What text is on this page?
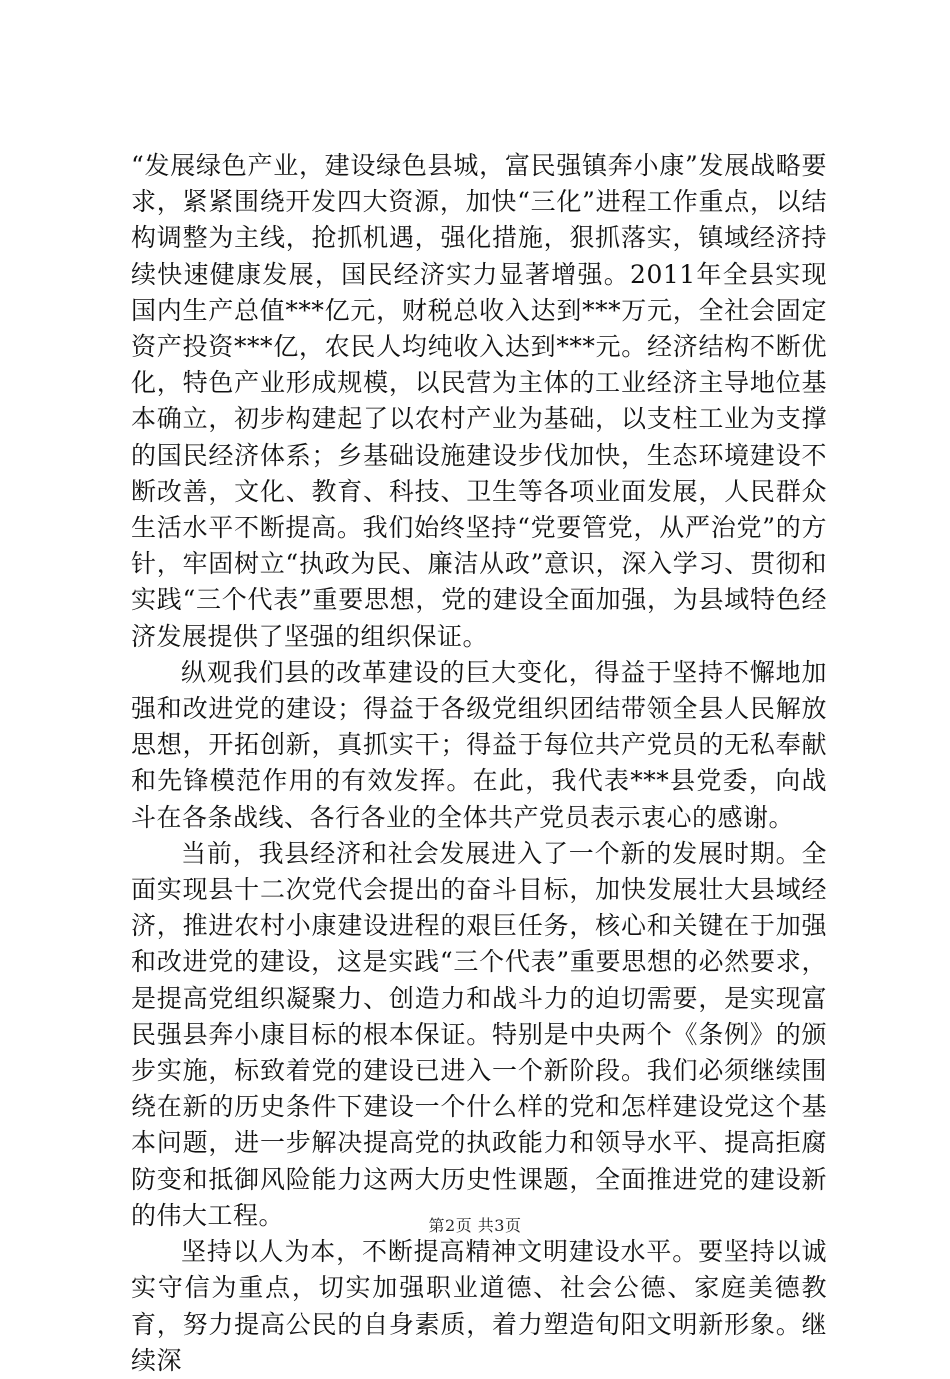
“发展绿色产业，建设绿色县城，富民强镇奔小康”发展战略要求，紧紧围绕开发四大资源，加快“三化”进程工作重点，以结构调整为主线，抢抓机遇，强化措施，狠抓落实，镇域经济持续快速健康发展，国民经济实力显著增强。2011年全县实现国内生产总值***亿元，财税总收入达到***万元，全社会固定资产投资***亿，农民人均纯收入达到***元。经济结构不断优化，特色产业形成规模，以民营为主体的工业经济主导地位基本确立，初步构建起了以农村产业为基础，以支柱工业为支撑的国民经济体系；乡基础设施建设步伐加快，生态环境建设不断改善，文化、教育、科技、卫生等各项业面发展，人民群众生活水平不断提高。我们始终坚持“党要管党，从严治党”的方针，牢固树立“执政为民、廉洁从政”意识，深入学习、贯彻和实践“三个代表”重要思想，党的建设全面加强，为县域特色经济发展提供了坚强的组织保证。

纵观我们县的改革建设的巨大变化，得益于坚持不懈地加强和改进党的建设；得益于各级党组织团结带领全县人民解放思想，开拓创新，真抓实干；得益于每位共产党员的无私奉献和先锋模范作用的有效发挥。在此，我代表***县党委，向战斗在各条战线、各行各业的全体共产党员表示衷心的感谢。

当前，我县经济和社会发展进入了一个新的发展时期。全面实现县十二次党代会提出的奋斗目标，加快发展壮大县域经济，推进农村小康建设进程的艰巨任务，核心和关键在于加强和改进党的建设，这是实践“三个代表”重要思想的必然要求，是提高党组织凝聚力、创造力和战斗力的迫切需要，是实现富民强县奔小康目标的根本保证。特别是中央两个《条例》的颁步实施，标致着党的建设已进入一个新阶段。我们必须继续围绕在新的历史条件下建设一个什么样的党和怎样建设党这个基本问题，进一步解决提高党的执政能力和领导水平、提高拒腐防变和抵御风险能力这两大历史性课题，全面推进党的建设新的伟大工程。

坚持以人为本，不断提高精神文明建设水平。要坚持以诚实守信为重点，切实加强职业道德、社会公德、家庭美德教育，努力提高公民的自身素质，着力塑造旬阳文明新形象。继续深

第2页 共3页
